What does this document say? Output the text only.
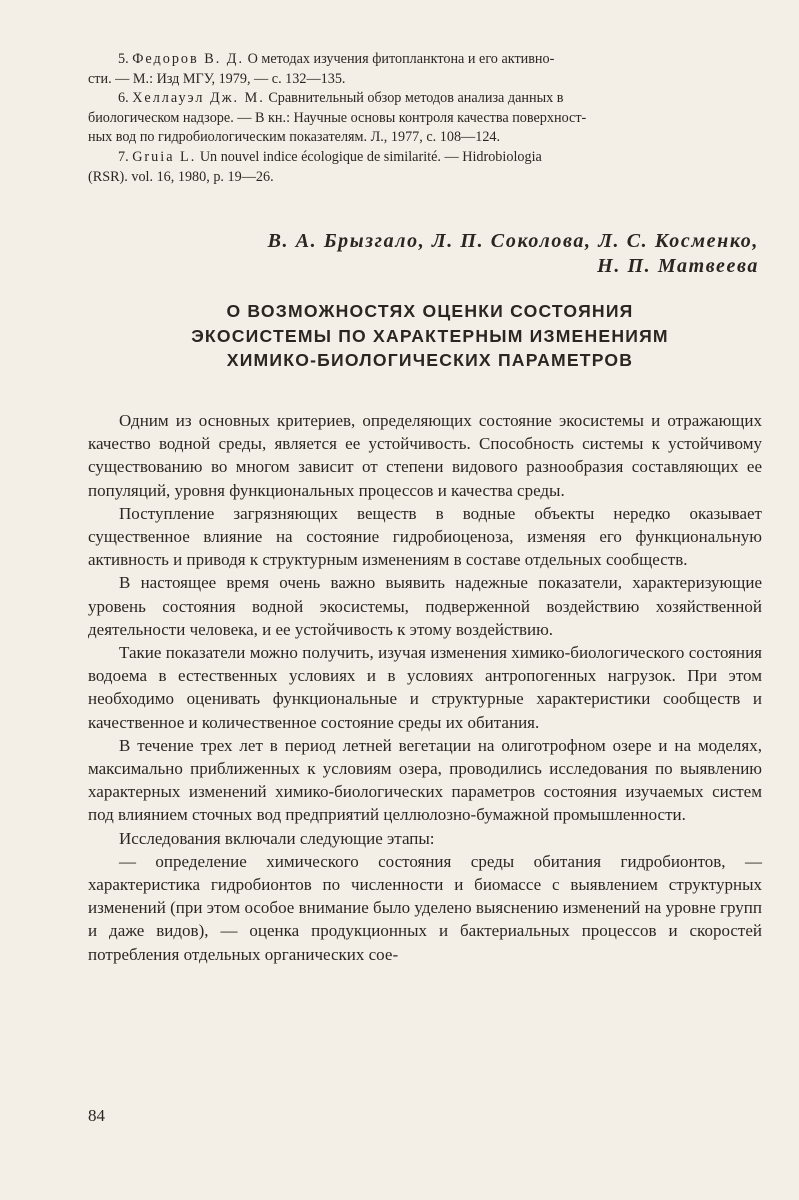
5. Федоров В. Д. О методах изучения фитопланктона и его активно-
сти. — М.: Изд МГУ, 1979, — с. 132—135.

6. Хеллауэл Дж. М. Сравнительный обзор методов анализа данных в
биологическом надзоре. — В кн.: Научные основы контроля качества поверхност-
ных вод по гидробиологическим показателям. Л., 1977, с. 108—124.

7. Gruia L. Un nouvel indice écologique de similarité. — Hidrobiologia
(RSR). vol. 16, 1980, p. 19—26.

В. А. Брызгало, Л. П. Соколова, Л. С. Косменко,
Н. П. Матвеева
О ВОЗМОЖНОСТЯХ ОЦЕНКИ СОСТОЯНИЯ
ЭКОСИСТЕМЫ ПО ХАРАКТЕРНЫМ ИЗМЕНЕНИЯМ
ХИМИКО-БИОЛОГИЧЕСКИХ ПАРАМЕТРОВ

Одним из основных критериев, определяющих состояние экосистемы и отражающих качество водной среды, является ее устойчивость. Способность системы к устойчивому существованию во многом зависит от степени видового разнообразия составляющих ее популяций, уровня функциональных процессов и качества среды.

Поступление загрязняющих веществ в водные объекты нередко оказывает существенное влияние на состояние гидробиоценоза, изменяя его функциональную активность и приводя к структурным изменениям в составе отдельных сообществ.

В настоящее время очень важно выявить надежные показатели, характеризующие уровень состояния водной экосистемы, подверженной воздействию хозяйственной деятельности человека, и ее устойчивость к этому воздействию.

Такие показатели можно получить, изучая изменения химико-биологического состояния водоема в естественных условиях и в условиях антропогенных нагрузок. При этом необходимо оценивать функциональные и структурные характеристики сообществ и качественное и количественное состояние среды их обитания.

В течение трех лет в период летней вегетации на олиготрофном озере и на моделях, максимально приближенных к условиям озера, проводились исследования по выявлению характерных изменений химико-биологических параметров состояния изучаемых систем под влиянием сточных вод предприятий целлюлозно-бумажной промышленности.

Исследования включали следующие этапы:

— определение химического состояния среды обитания гидробионтов, — характеристика гидробионтов по численности и биомассе с выявлением структурных изменений (при этом особое внимание было уделено выяснению изменений на уровне групп и даже видов), — оценка продукционных и бактериальных процессов и скоростей потребления отдельных органических сое-

84
